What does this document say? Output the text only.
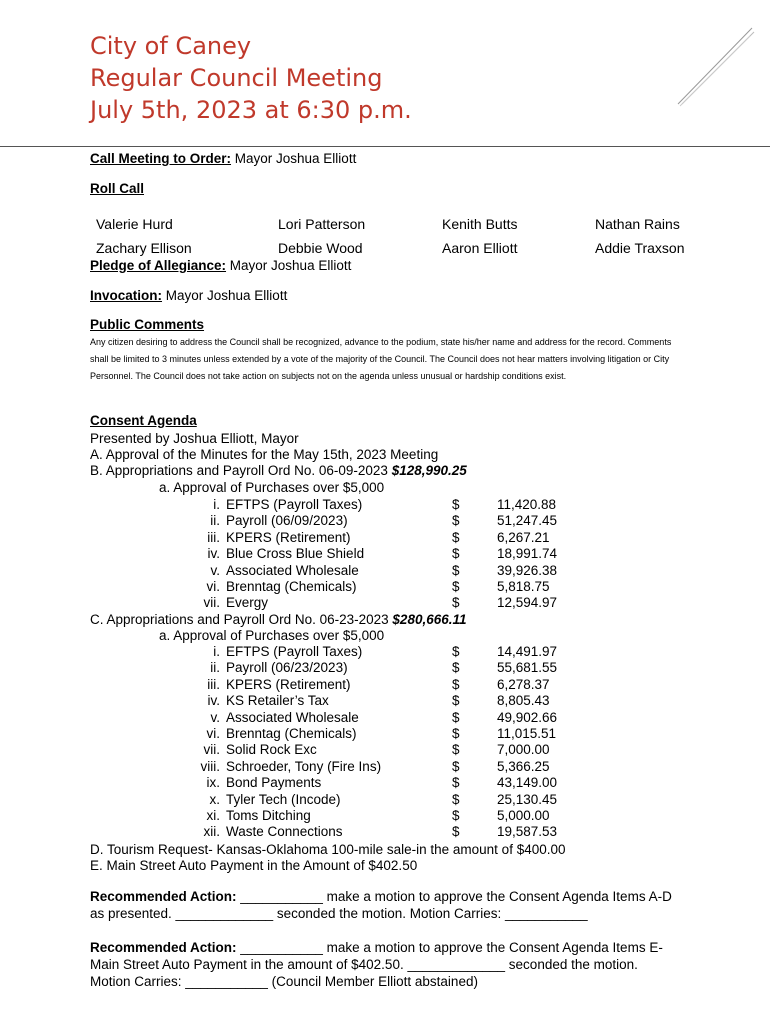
City of Caney
Regular Council Meeting
July 5th, 2023 at 6:30 p.m.
Call Meeting to Order: Mayor Joshua Elliott
Roll Call
Valerie Hurd	Lori Patterson	Kenith Butts	Nathan Rains
Zachary Ellison	Debbie Wood	Aaron Elliott	Addie Traxson
Pledge of Allegiance: Mayor Joshua Elliott
Invocation: Mayor Joshua Elliott
Public Comments
Any citizen desiring to address the Council shall be recognized, advance to the podium, state his/her name and address for the record. Comments shall be limited to 3 minutes unless extended by a vote of the majority of the Council. The Council does not hear matters involving litigation or City Personnel. The Council does not take action on subjects not on the agenda unless unusual or hardship conditions exist.
Consent Agenda
Presented by Joshua Elliott, Mayor
A. Approval of the Minutes for the May 15th, 2023 Meeting
B. Appropriations and Payroll Ord No. 06-09-2023 $128,990.25
a. Approval of Purchases over $5,000
i. EFTPS (Payroll Taxes)	$	11,420.88
ii. Payroll (06/09/2023)	$	51,247.45
iii. KPERS (Retirement)	$	6,267.21
iv. Blue Cross Blue Shield	$	18,991.74
v. Associated Wholesale	$	39,926.38
vi. Brenntag (Chemicals)	$	5,818.75
vii. Evergy	$	12,594.97
C. Appropriations and Payroll Ord No. 06-23-2023 $280,666.11
a. Approval of Purchases over $5,000
i. EFTPS (Payroll Taxes)	$	14,491.97
ii. Payroll (06/23/2023)	$	55,681.55
iii. KPERS (Retirement)	$	6,278.37
iv. KS Retailer’s Tax	$	8,805.43
v. Associated Wholesale	$	49,902.66
vi. Brenntag (Chemicals)	$	11,015.51
vii. Solid Rock Exc	$	7,000.00
viii. Schroeder, Tony (Fire Ins)	$	5,366.25
ix. Bond Payments	$	43,149.00
x. Tyler Tech (Incode)	$	25,130.45
xi. Toms Ditching	$	5,000.00
xii. Waste Connections	$	19,587.53
D. Tourism Request- Kansas-Oklahoma 100-mile sale-in the amount of $400.00
E. Main Street Auto Payment in the Amount of $402.50
Recommended Action: ___________ make a motion to approve the Consent Agenda Items A-D as presented. _____________ seconded the motion. Motion Carries: ___________
Recommended Action: ___________ make a motion to approve the Consent Agenda Items E-Main Street Auto Payment in the amount of $402.50. _____________ seconded the motion. Motion Carries: ___________ (Council Member Elliott abstained)
